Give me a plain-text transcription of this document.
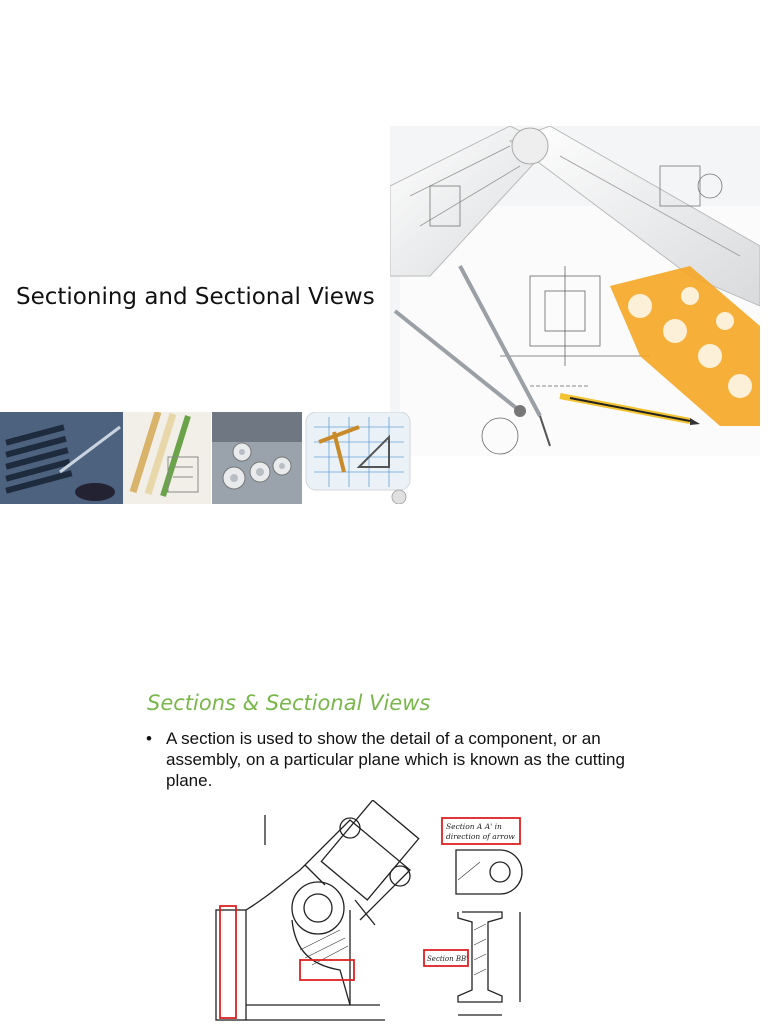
Sectioning and Sectional Views
Sections & Sectional Views
• A section is used to show the detail of a component, or an assembly, on a particular plane which is known as the cutting plane.
Section A A' in
direction of arrow
Section BB'
